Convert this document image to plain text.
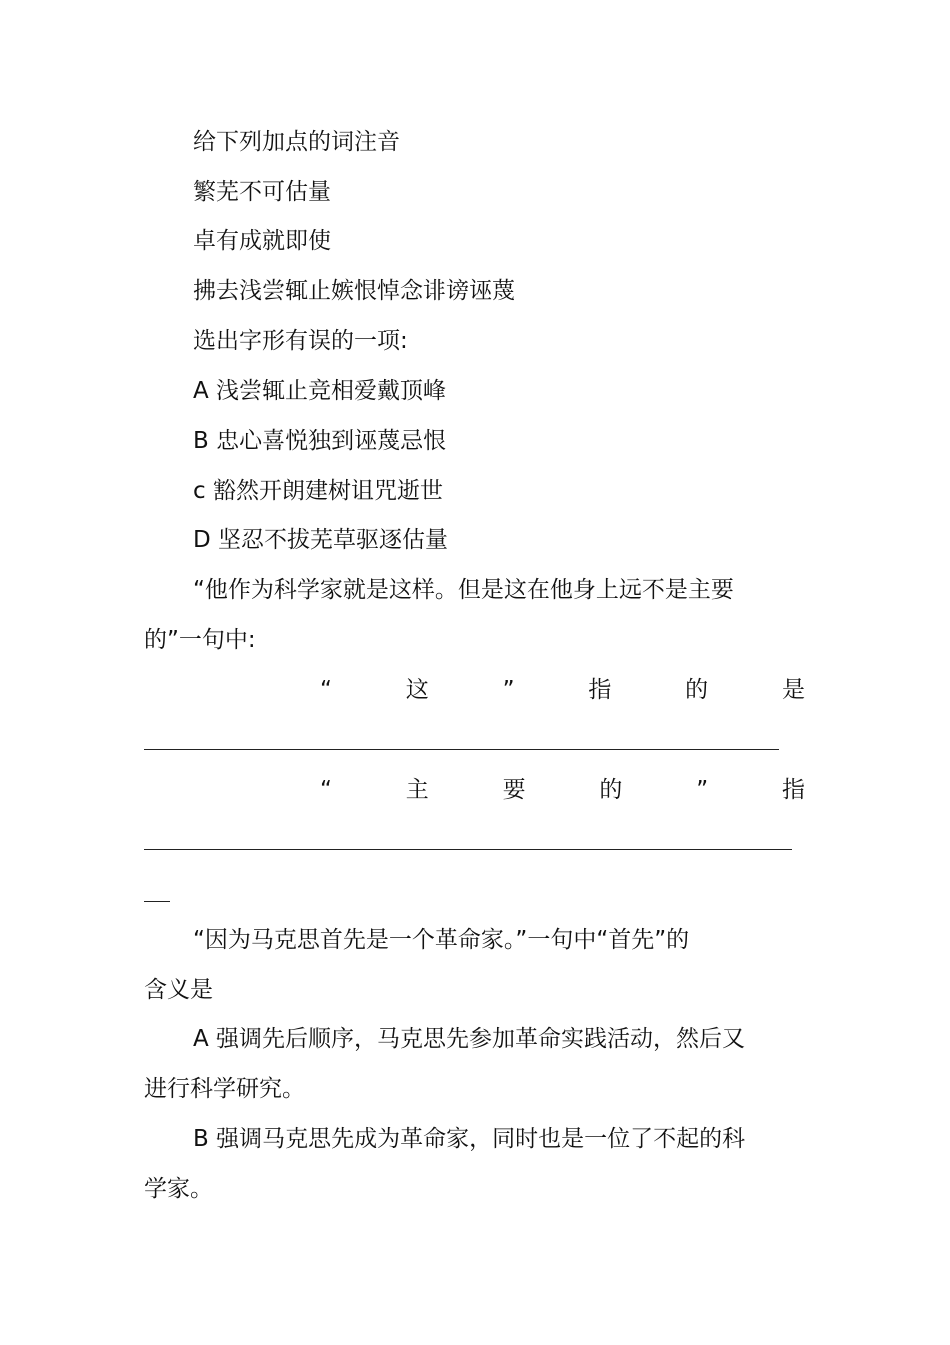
给下列加点的词注音
繁芜不可估量
卓有成就即使
拂去浅尝辄止嫉恨悼念诽谤诬蔑
选出字形有误的一项:
A 浅尝辄止竞相爱戴顶峰
B 忠心喜悦独到诬蔑忌恨
c 豁然开朗建树诅咒逝世
D 坚忍不拔芜草驱逐估量
“他作为科学家就是这样。但是这在他身上远不是主要
的”一句中:
“	这	”	指	的	是
“	主	要	的	”	指
“因为马克思首先是一个革命家。”一句中“首先”的
含义是
A 强调先后顺序，马克思先参加革命实践活动，然后又
进行科学研究。
B 强调马克思先成为革命家，同时也是一位了不起的科
学家。
